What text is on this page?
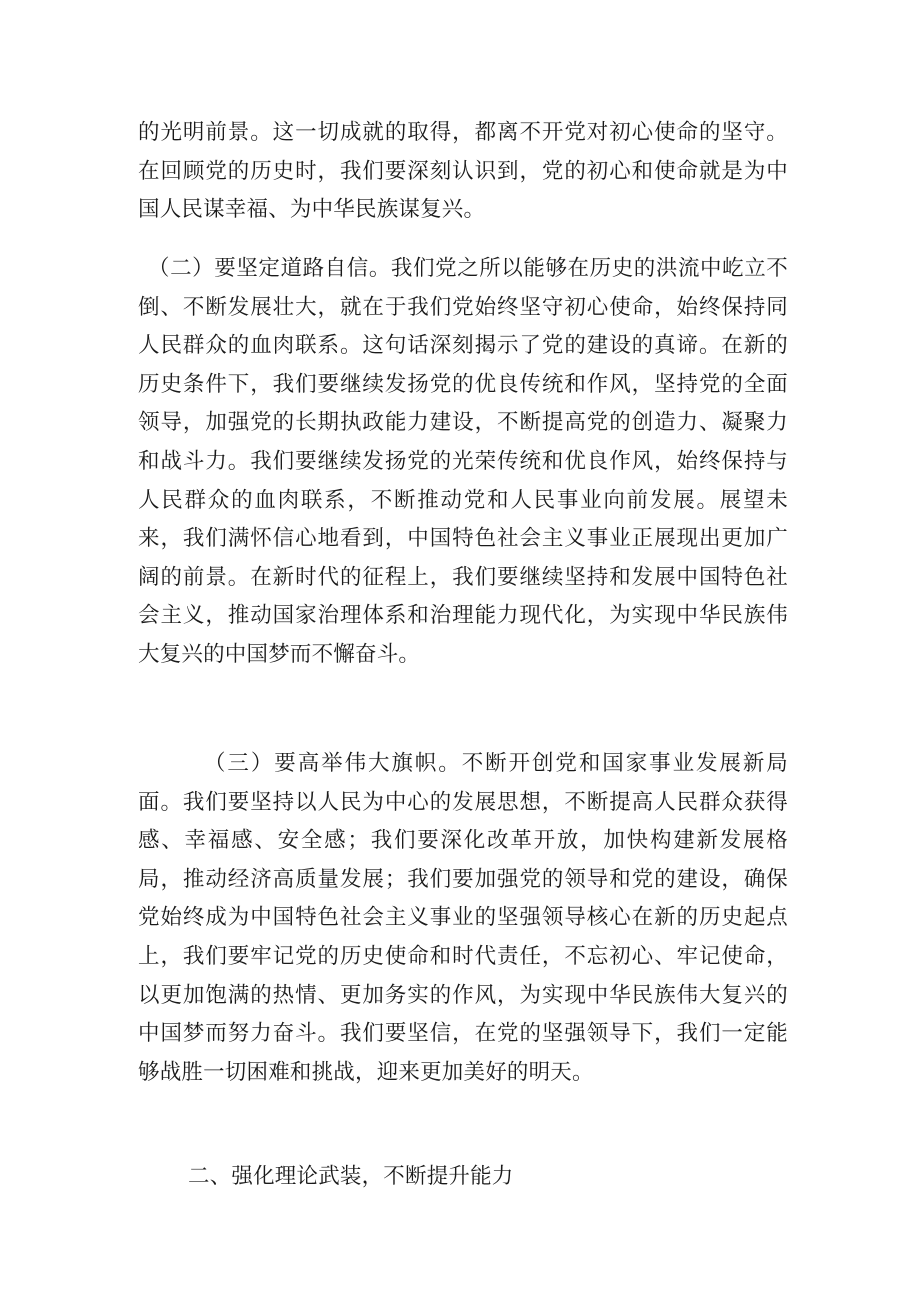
的光明前景。这一切成就的取得，都离不开党对初心使命的坚守。在回顾党的历史时，我们要深刻认识到，党的初心和使命就是为中国人民谋幸福、为中华民族谋复兴。

（二）要坚定道路自信。我们党之所以能够在历史的洪流中屹立不倒、不断发展壮大，就在于我们党始终坚守初心使命，始终保持同人民群众的血肉联系。这句话深刻揭示了党的建设的真谛。在新的历史条件下，我们要继续发扬党的优良传统和作风，坚持党的全面领导，加强党的长期执政能力建设，不断提高党的创造力、凝聚力和战斗力。我们要继续发扬党的光荣传统和优良作风，始终保持与人民群众的血肉联系，不断推动党和人民事业向前发展。展望未来，我们满怀信心地看到，中国特色社会主义事业正展现出更加广阔的前景。在新时代的征程上，我们要继续坚持和发展中国特色社会主义，推动国家治理体系和治理能力现代化，为实现中华民族伟大复兴的中国梦而不懈奋斗。

（三）要高举伟大旗帜。不断开创党和国家事业发展新局面。我们要坚持以人民为中心的发展思想，不断提高人民群众获得感、幸福感、安全感；我们要深化改革开放，加快构建新发展格局，推动经济高质量发展；我们要加强党的领导和党的建设，确保党始终成为中国特色社会主义事业的坚强领导核心在新的历史起点上，我们要牢记党的历史使命和时代责任，不忘初心、牢记使命，以更加饱满的热情、更加务实的作风，为实现中华民族伟大复兴的中国梦而努力奋斗。我们要坚信，在党的坚强领导下，我们一定能够战胜一切困难和挑战，迎来更加美好的明天。

二、强化理论武装，不断提升能力
